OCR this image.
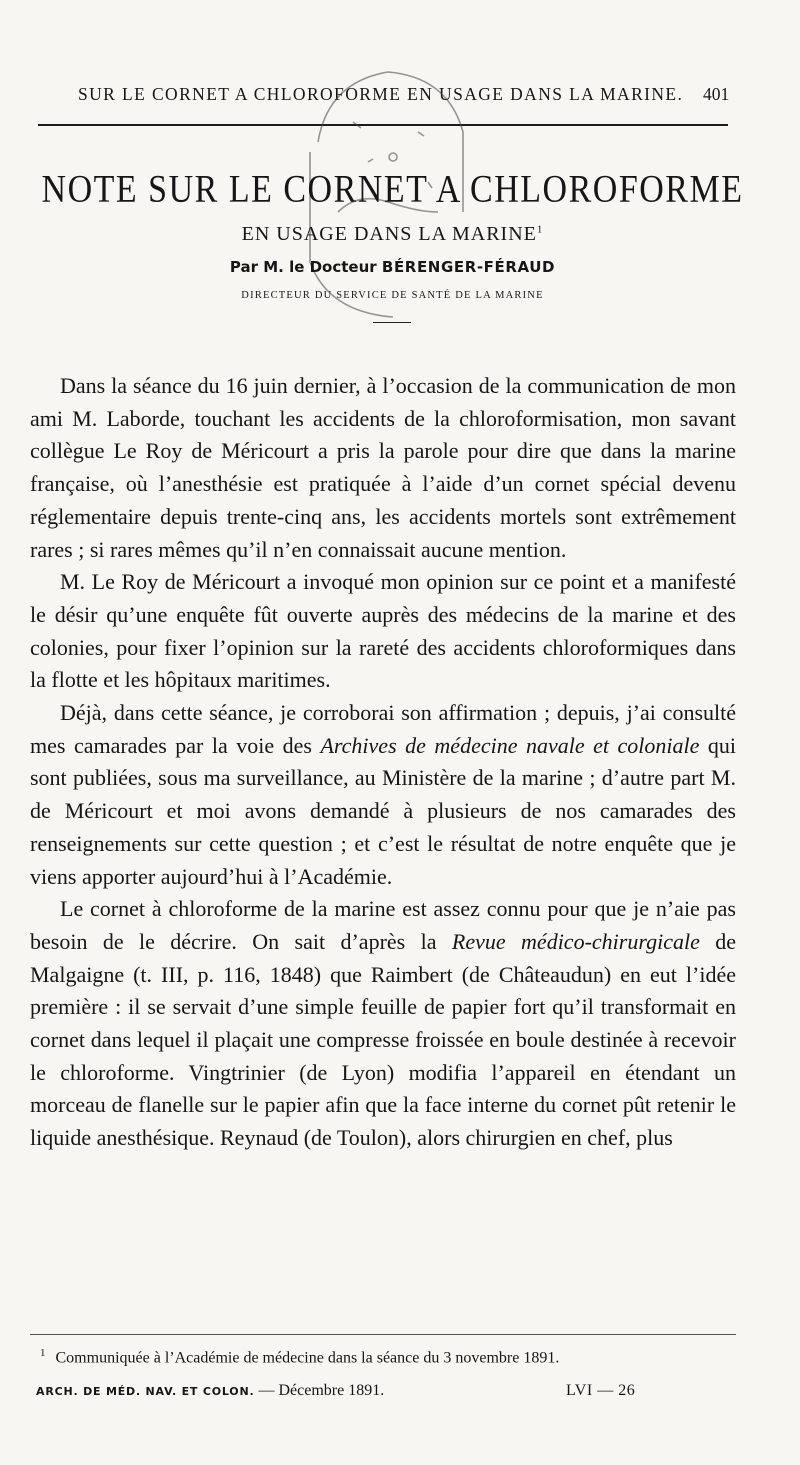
SUR LE CORNET A CHLOROFORME EN USAGE DANS LA MARINE. 401
NOTE SUR LE CORNET A CHLOROFORME
EN USAGE DANS LA MARINE$^1$
Par M. le Docteur BÉRENGER-FÉRAUD
DIRECTEUR DU SERVICE DE SANTÉ DE LA MARINE

Dans la séance du 16 juin dernier, à l’occasion de la communication de mon ami M. Laborde, touchant les accidents de la chloroformisation, mon savant collègue Le Roy de Méricourt a pris la parole pour dire que dans la marine française, où l’anesthésie est pratiquée à l’aide d’un cornet spécial devenu réglementaire depuis trente-cinq ans, les accidents mortels sont extrêmement rares ; si rares mêmes qu’il n’en connaissait aucune mention.

M. Le Roy de Méricourt a invoqué mon opinion sur ce point et a manifesté le désir qu’une enquête fût ouverte auprès des médecins de la marine et des colonies, pour fixer l’opinion sur la rareté des accidents chloroformiques dans la flotte et les hôpitaux maritimes.

Déjà, dans cette séance, je corroborai son affirmation ; depuis, j’ai consulté mes camarades par la voie des Archives de médecine navale et coloniale qui sont publiées, sous ma surveillance, au Ministère de la marine ; d’autre part M. de Méricourt et moi avons demandé à plusieurs de nos camarades des renseignements sur cette question ; et c’est le résultat de notre enquête que je viens apporter aujourd’hui à l’Académie.

Le cornet à chloroforme de la marine est assez connu pour que je n’aie pas besoin de le décrire. On sait d’après la Revue médico-chirurgicale de Malgaigne (t. III, p. 116, 1848) que Raimbert (de Châteaudun) en eut l’idée première : il se servait d’une simple feuille de papier fort qu’il transformait en cornet dans lequel il plaçait une compresse froissée en boule destinée à recevoir le chloroforme. Vingtrinier (de Lyon) modifia l’appareil en étendant un morceau de flanelle sur le papier afin que la face interne du cornet pût retenir le liquide anesthésique. Reynaud (de Toulon), alors chirurgien en chef, plus

$^1$ Communiquée à l’Académie de médecine dans la séance du 3 novembre 1891.
ARCH. DE MÉD. NAV. ET COLON. — Décembre 1891.	LVI — 26
